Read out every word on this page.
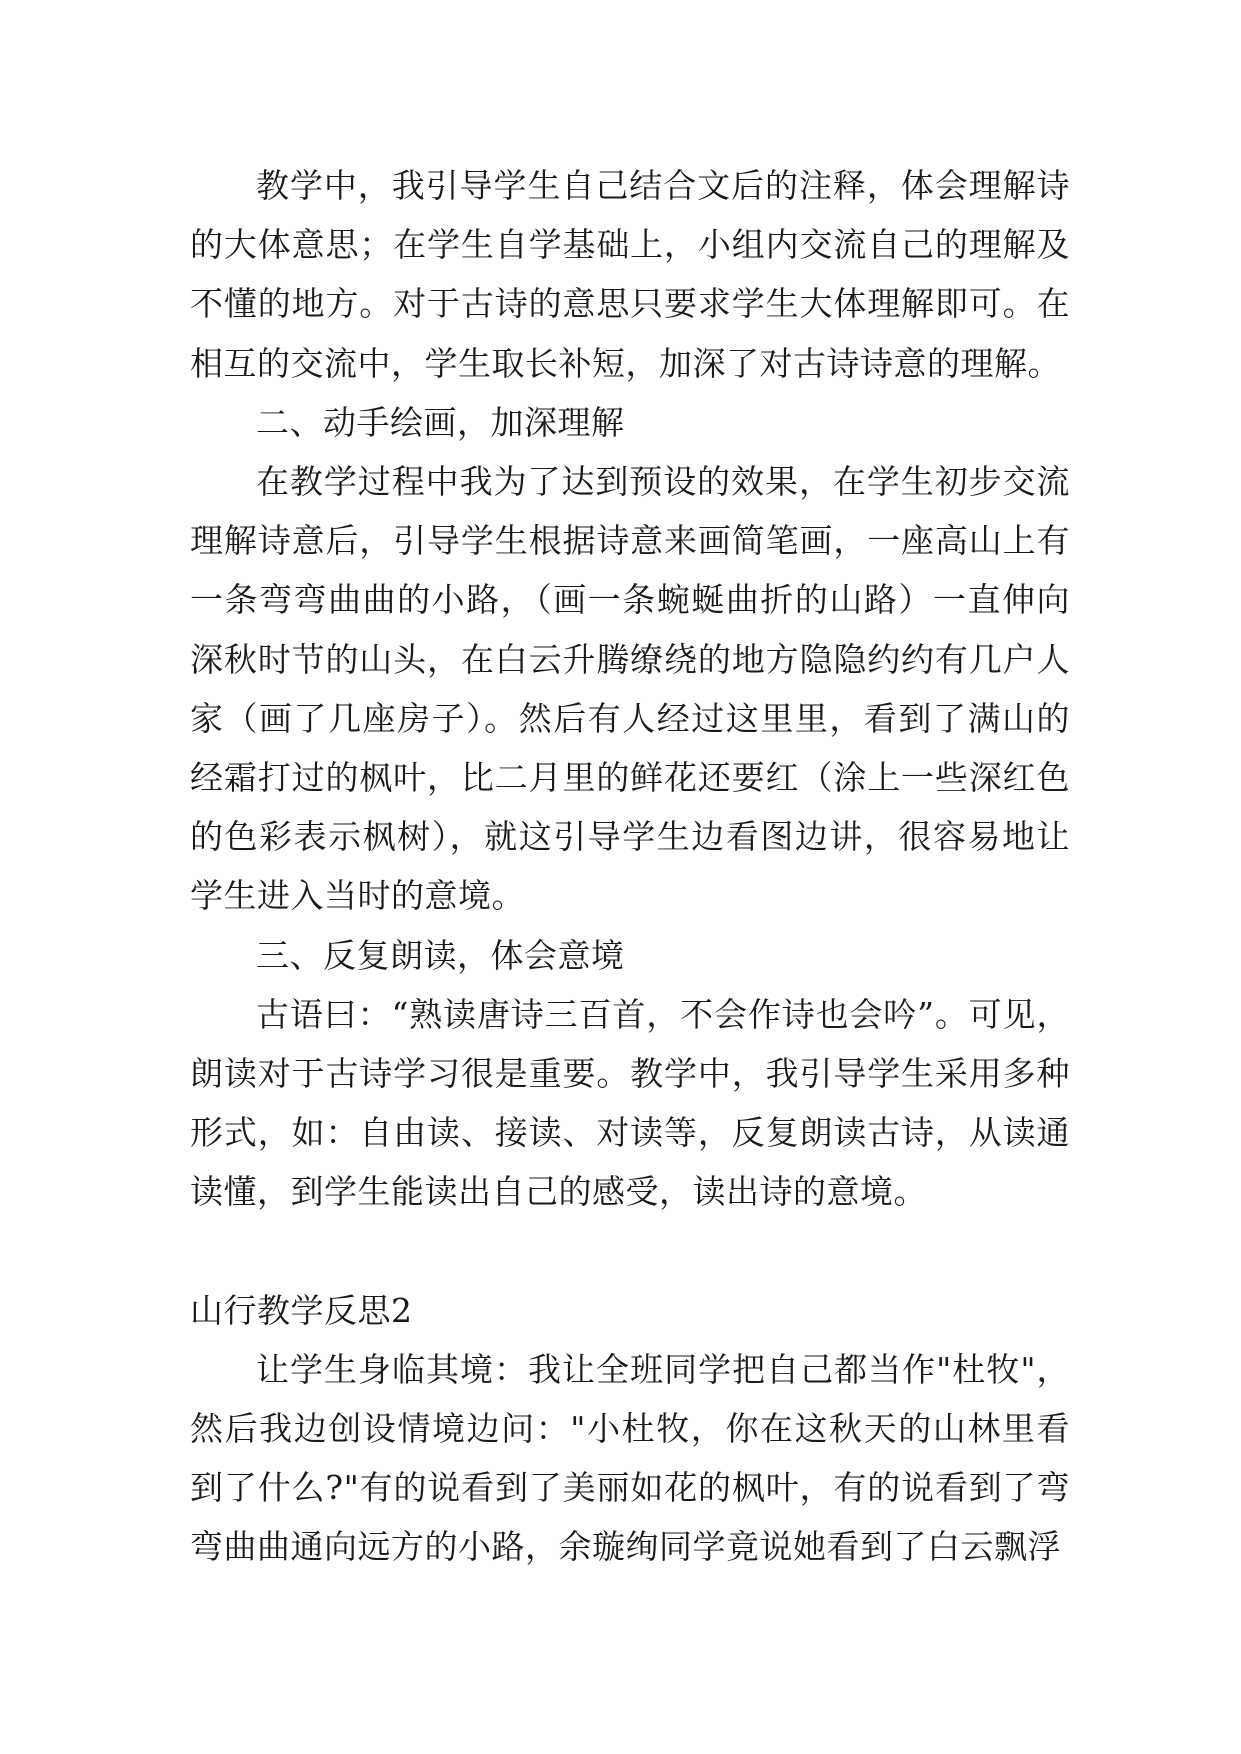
教学中，我引导学生自己结合文后的注释，体会理解诗的大体意思；在学生自学基础上，小组内交流自己的理解及不懂的地方。对于古诗的意思只要求学生大体理解即可。在相互的交流中，学生取长补短，加深了对古诗诗意的理解。

二、动手绘画，加深理解

在教学过程中我为了达到预设的效果，在学生初步交流理解诗意后，引导学生根据诗意来画简笔画，一座高山上有一条弯弯曲曲的小路，（画一条蜿蜒曲折的山路）一直伸向深秋时节的山头，在白云升腾缭绕的地方隐隐约约有几户人家（画了几座房子）。然后有人经过这里里，看到了满山的经霜打过的枫叶，比二月里的鲜花还要红（涂上一些深红色的色彩表示枫树），就这引导学生边看图边讲，很容易地让学生进入当时的意境。

三、反复朗读，体会意境

古语曰：“熟读唐诗三百首，不会作诗也会吟”。可见，朗读对于古诗学习很是重要。教学中，我引导学生采用多种形式，如：自由读、接读、对读等，反复朗读古诗，从读通读懂，到学生能读出自己的感受，读出诗的意境。

山行教学反思2

让学生身临其境：我让全班同学把自己都当作"杜牧"，然后我边创设情境边问："小杜牧，你在这秋天的山林里看到了什么?"有的说看到了美丽如花的枫叶，有的说看到了弯弯曲曲通向远方的小路，余璇绚同学竟说她看到了白云飘浮
